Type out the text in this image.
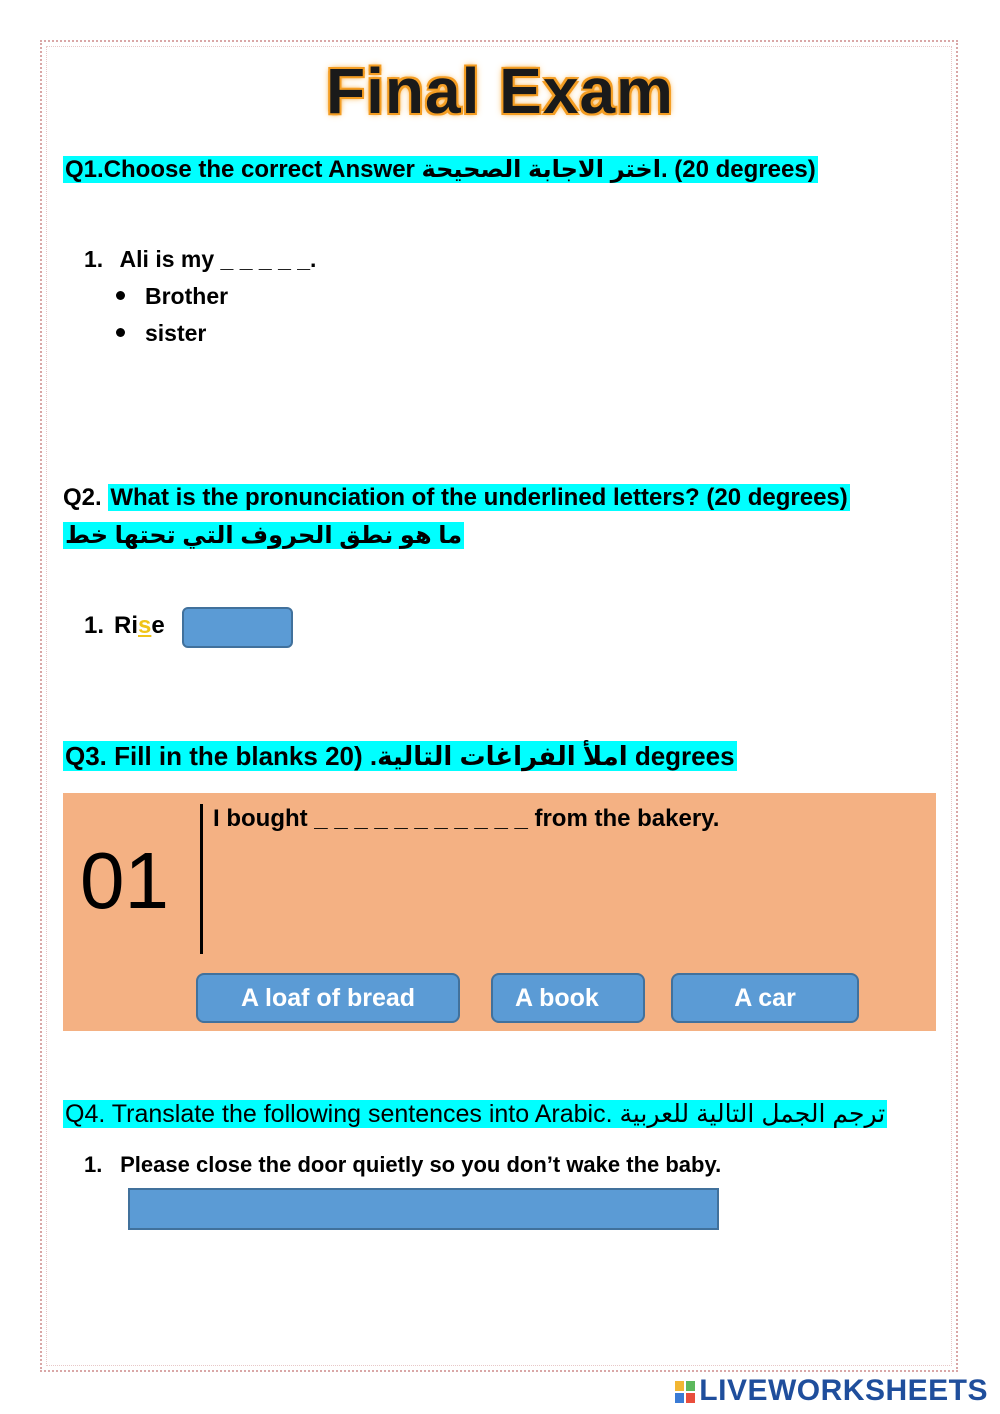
Final Exam
Q1.Choose the correct Answer اختر الاجابة الصحيحة. (20 degrees)
1. Ali is my _ _ _ _ _.
Brother
sister
Q2. What is the pronunciation of the underlined letters? (20 degrees)
ما هو نطق الحروف التي تحتها خط
1. Rise
Q3. Fill in the blanks املأ الفراغات التالية. (20 degrees
01
I bought _ _ _ _ _ _ _ _ _ _ _ from the bakery.
A loaf of bread	A book	A car
Q4. Translate the following sentences into Arabic. ترجم الجمل التالية للعربية
1. Please close the door quietly so you don’t wake the baby.
LIVEWORKSHEETS
